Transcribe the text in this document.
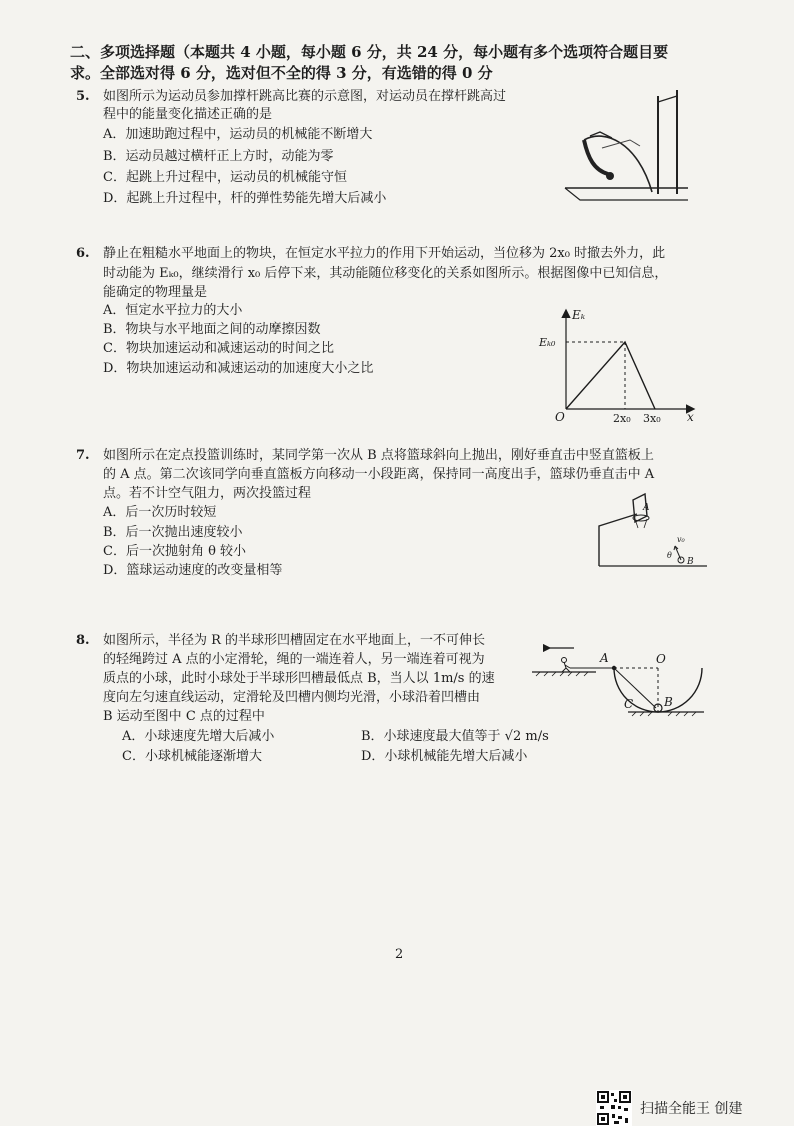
二、多项选择题（本题共 4 小题，每小题 6 分，共 24 分，每小题有多个选项符合题目要
求。全部选对得 6 分，选对但不全的得 3 分，有选错的得 0 分
5. 如图所示为运动员参加撑杆跳高比赛的示意图，对运动员在撑杆跳高过
程中的能量变化描述正确的是
A．加速助跑过程中，运动员的机械能不断增大
B．运动员越过横杆正上方时，动能为零
C．起跳上升过程中，运动员的机械能守恒
D．起跳上升过程中，杆的弹性势能先增大后减小
6. 静止在粗糙水平地面上的物块，在恒定水平拉力的作用下开始运动，当位移为 2x₀ 时撤去外力，此
时动能为 Eₖ₀，继续滑行 x₀ 后停下来，其动能随位移变化的关系如图所示。根据图像中已知信息，
能确定的物理量是
A．恒定水平拉力的大小
B．物块与水平地面之间的动摩擦因数
C．物块加速运动和减速运动的时间之比
D．物块加速运动和减速运动的加速度大小之比
Eₖ
Eₖ₀
O	2x₀ 3x₀ x
7. 如图所示在定点投篮训练时，某同学第一次从 B 点将篮球斜向上抛出，刚好垂直击中竖直篮板上
的 A 点。第二次该同学向垂直篮板方向移动一小段距离，保持同一高度出手，篮球仍垂直击中 A
点。若不计空气阻力，两次投篮过程
A．后一次历时较短
B．后一次抛出速度较小
C．后一次抛射角 θ 较小
D．篮球运动速度的改变量相等
A
B
v₀
θ
8. 如图所示，半径为 R 的半球形凹槽固定在水平地面上，一不可伸长
的轻绳跨过 A 点的小定滑轮，绳的一端连着人，另一端连着可视为
质点的小球，此时小球处于半球形凹槽最低点 B，当人以 1m/s 的速
度向左匀速直线运动，定滑轮及凹槽内侧均光滑，小球沿着凹槽由
B 运动至图中 C 点的过程中
A．小球速度先增大后减小	B．小球速度最大值等于 √2 m/s
C．小球机械能逐渐增大	D．小球机械能先增大后减小
A	O
B
C
2
扫描全能王 创建
